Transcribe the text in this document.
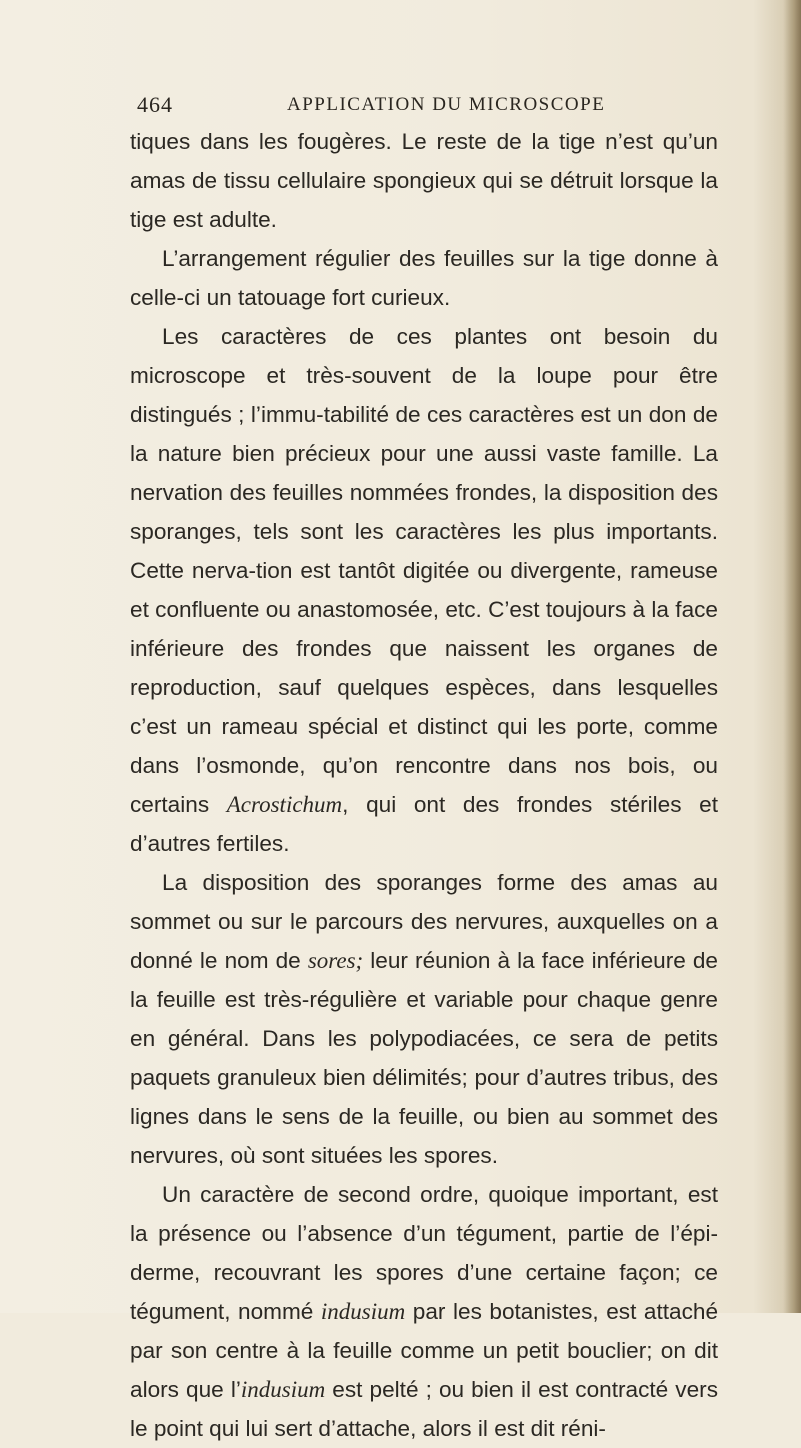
464	APPLICATION DU MICROSCOPE

tiques dans les fougères. Le reste de la tige n’est qu’un amas de tissu cellulaire spongieux qui se détruit lorsque la tige est adulte.

L’arrangement régulier des feuilles sur la tige donne à celle-ci un tatouage fort curieux.

Les caractères de ces plantes ont besoin du microscope et très-souvent de la loupe pour être distingués ; l’immu-tabilité de ces caractères est un don de la nature bien précieux pour une aussi vaste famille. La nervation des feuilles nommées frondes, la disposition des sporanges, tels sont les caractères les plus importants. Cette nerva-tion est tantôt digitée ou divergente, rameuse et confluente ou anastomosée, etc. C’est toujours à la face inférieure des frondes que naissent les organes de reproduction, sauf quelques espèces, dans lesquelles c’est un rameau spécial et distinct qui les porte, comme dans l’osmonde, qu’on rencontre dans nos bois, ou certains Acrostichum, qui ont des frondes stériles et d’autres fertiles.

La disposition des sporanges forme des amas au sommet ou sur le parcours des nervures, auxquelles on a donné le nom de sores; leur réunion à la face inférieure de la feuille est très-régulière et variable pour chaque genre en général. Dans les polypodiacées, ce sera de petits paquets granuleux bien délimités; pour d’autres tribus, des lignes dans le sens de la feuille, ou bien au sommet des nervures, où sont situées les spores.

Un caractère de second ordre, quoique important, est la présence ou l’absence d’un tégument, partie de l’épi-derme, recouvrant les spores d’une certaine façon; ce tégument, nommé indusium par les botanistes, est attaché par son centre à la feuille comme un petit bouclier; on dit alors que l’indusium est pelté ; ou bien il est contracté vers le point qui lui sert d’attache, alors il est dit réni-
